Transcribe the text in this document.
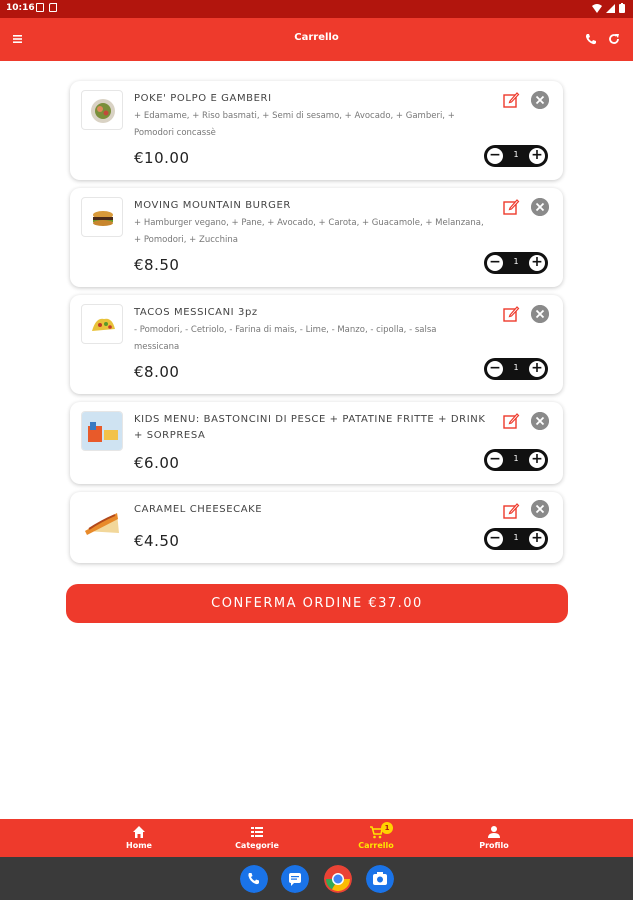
10:16
Carrello
POKE' POLPO E GAMBERI
+ Edamame, + Riso basmati, + Semi di sesamo, + Avocado, + Gamberi, + Pomodori concassè
€10.00	−	1 +
MOVING MOUNTAIN BURGER
+ Hamburger vegano, + Pane, + Avocado, + Carota, + Guacamole, + Melanzana, + Pomodori, + Zucchina
€8.50	−	1 +
TACOS MESSICANI 3pz
- Pomodori, - Cetriolo, - Farina di mais, - Lime, - Manzo, - cipolla, - salsa messicana
€8.00	−	1 +
KIDS MENU: BASTONCINI DI PESCE + PATATINE FRITTE + DRINK + SORPRESA
€6.00	−	1 +
CARAMEL CHEESECAKE
€4.50	−	1 +
CONFERMA ORDINE €37.00
Home	Categorie
1
Carrello	Profilo
